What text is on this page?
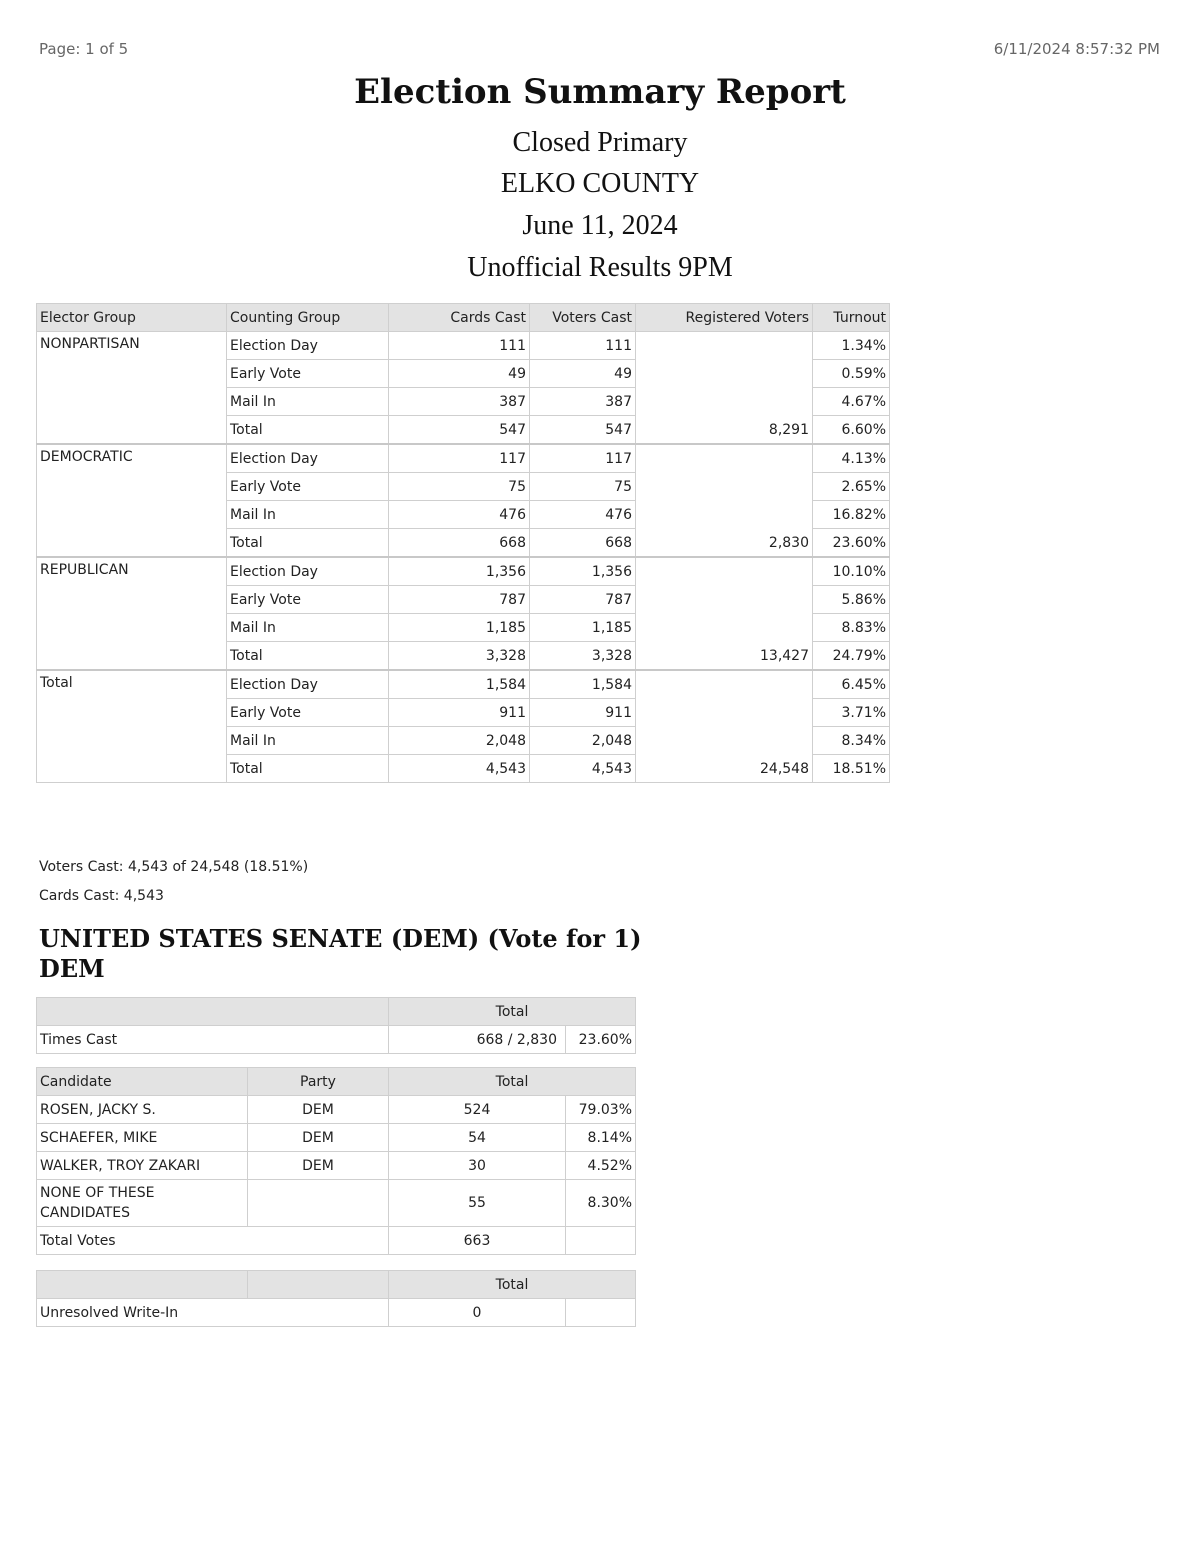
Page: 1 of 5	6/11/2024 8:57:32 PM
Election Summary Report
Closed Primary
ELKO COUNTY
June 11, 2024
Unofficial Results 9PM
Elector Group	Counting Group	Cards Cast	Voters Cast	Registered Voters	Turnout
NONPARTISAN	Election Day	111	111	8,291	1.34%
	Early Vote	49	49		0.59%
	Mail In	387	387		4.67%
	Total	547	547		6.60%
DEMOCRATIC	Election Day	117	117	2,830	4.13%
	Early Vote	75	75		2.65%
	Mail In	476	476		16.82%
	Total	668	668		23.60%
REPUBLICAN	Election Day	1,356	1,356	13,427	10.10%
	Early Vote	787	787		5.86%
	Mail In	1,185	1,185		8.83%
	Total	3,328	3,328		24.79%
Total	Election Day	1,584	1,584	24,548	6.45%
	Early Vote	911	911		3.71%
	Mail In	2,048	2,048		8.34%
	Total	4,543	4,543		18.51%
Voters Cast: 4,543 of 24,548 (18.51%)
Cards Cast: 4,543
UNITED STATES SENATE (DEM) (Vote for 1)
DEM
	Total	
Times Cast	668 / 2,830	23.60%
Candidate	Party	Total	
ROSEN, JACKY S.	DEM	524	79.03%
SCHAEFER, MIKE	DEM	54	8.14%
WALKER, TROY ZAKARI	DEM	30	4.52%
NONE OF THESE CANDIDATES		55	8.30%
Total Votes		663	
		Total	
Unresolved Write-In		0	
